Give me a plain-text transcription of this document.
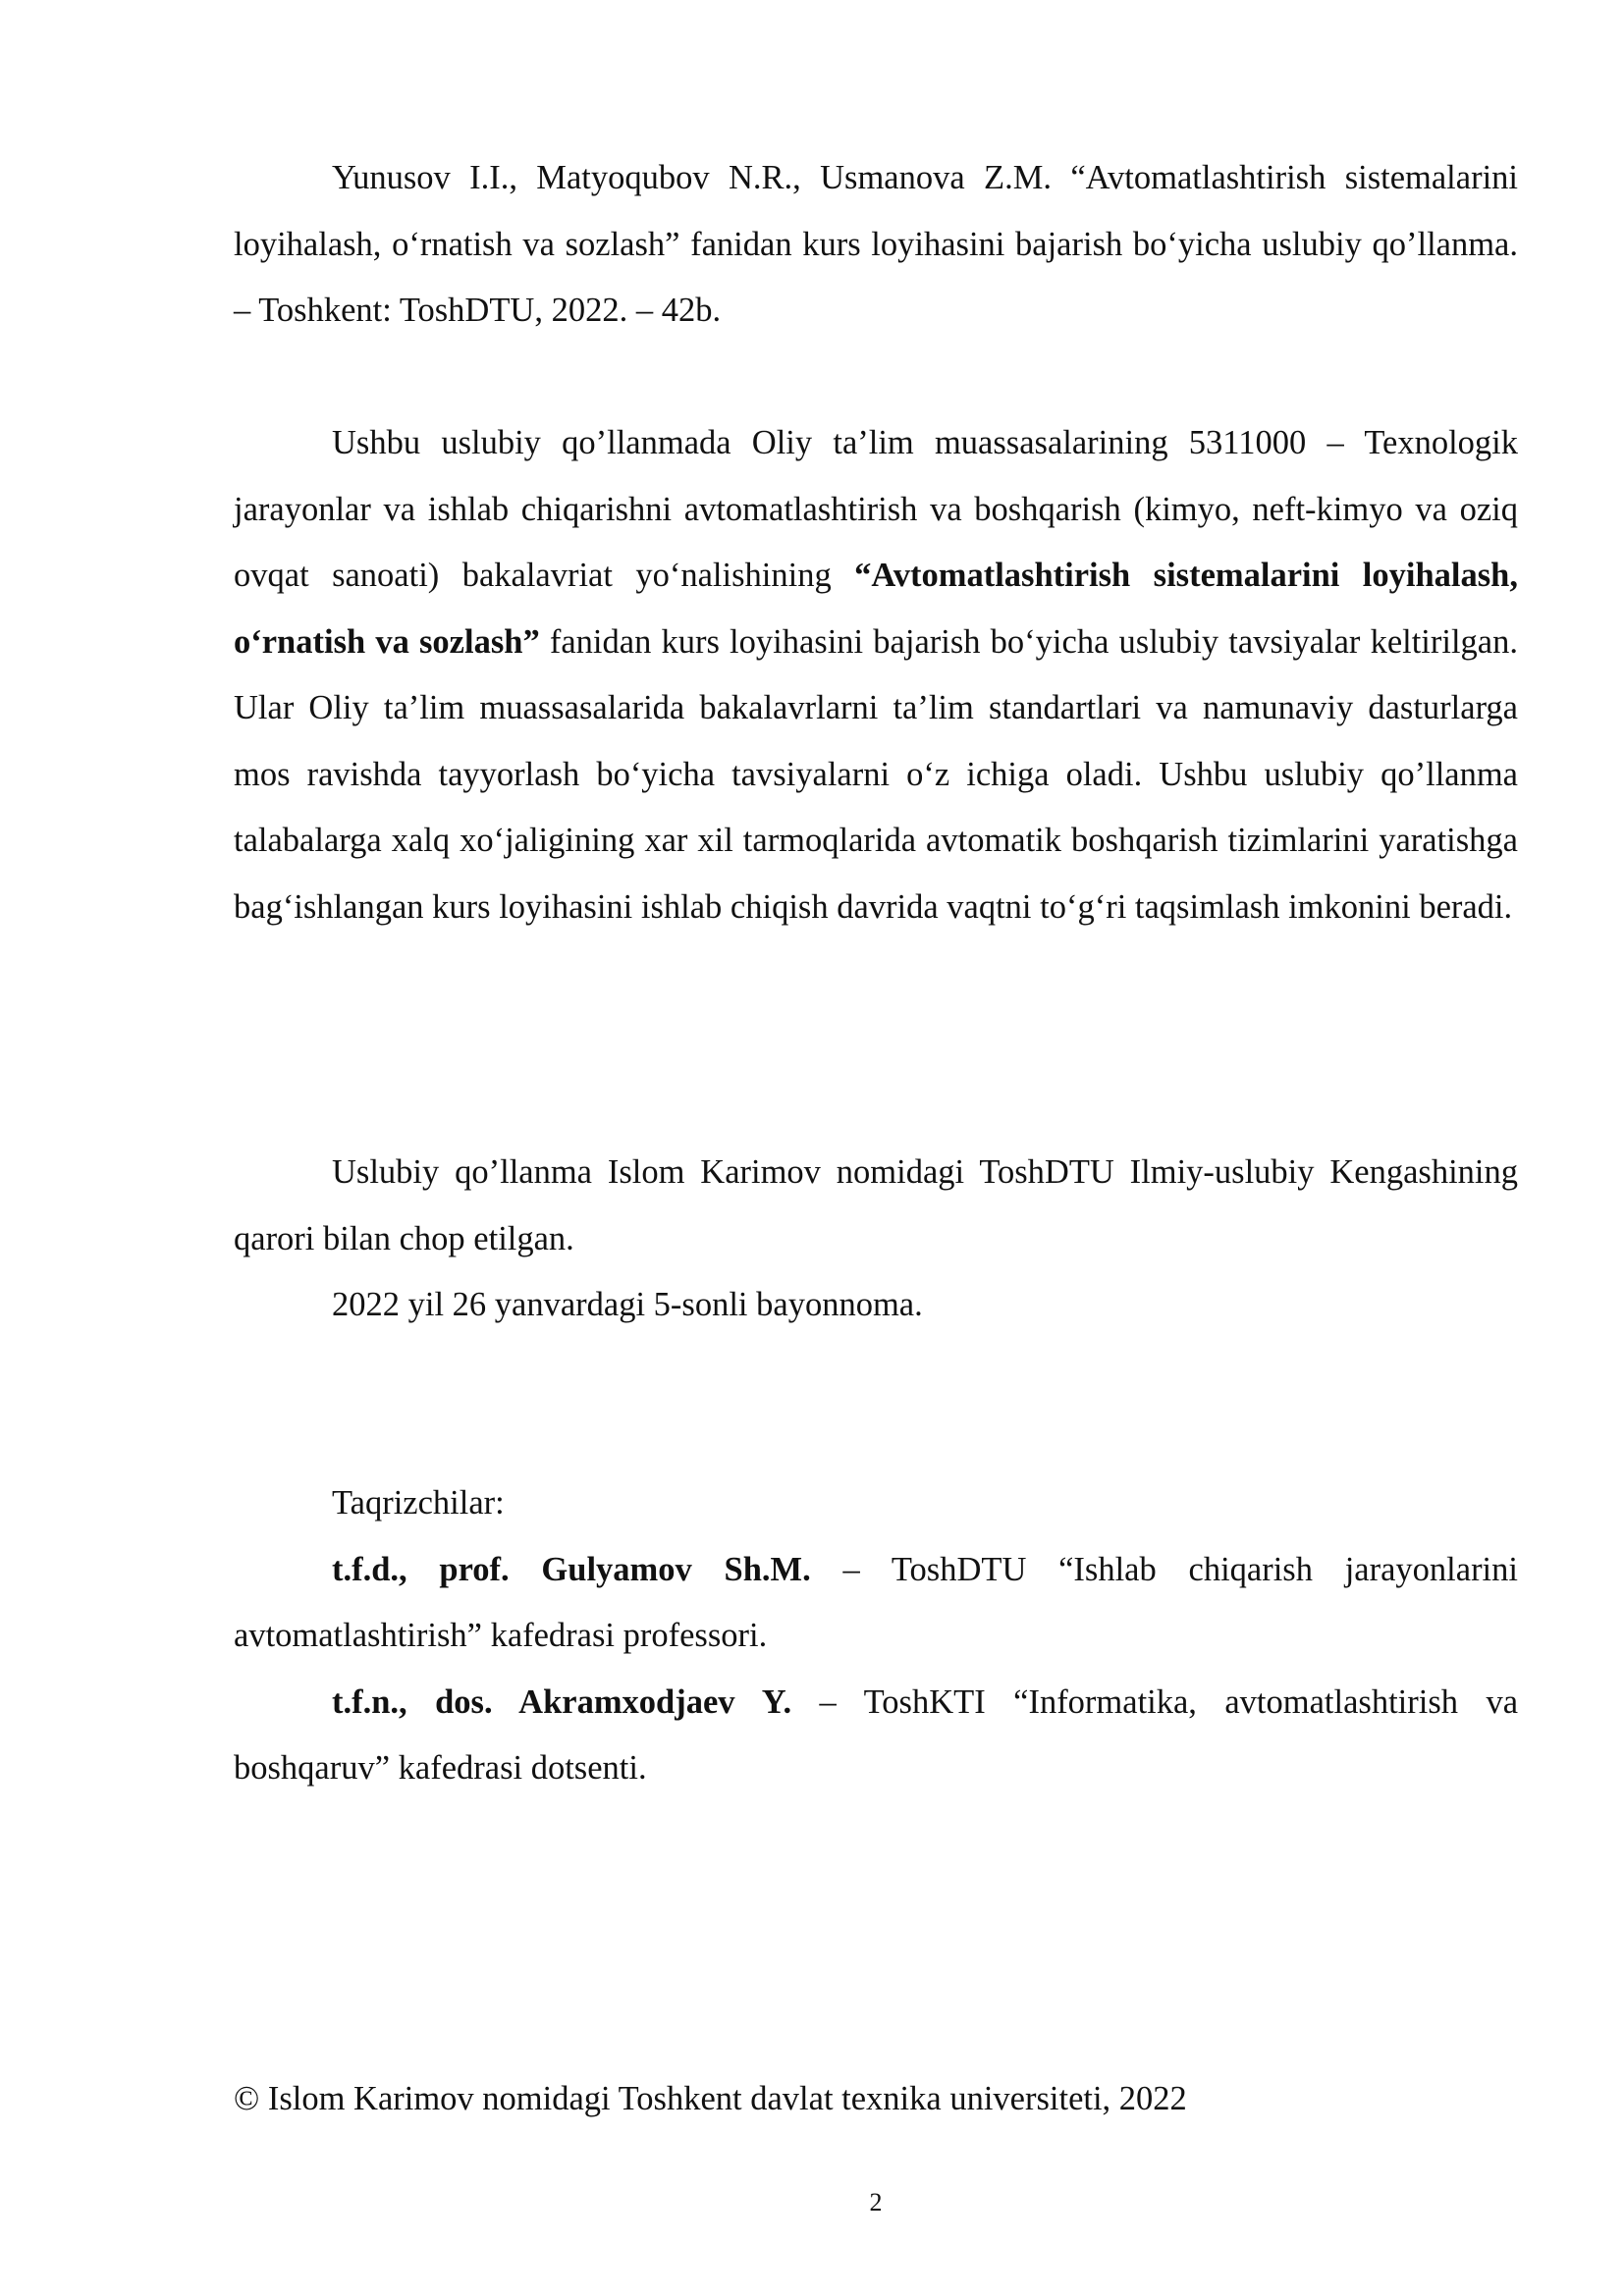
Yunusov I.I., Matyoqubov N.R., Usmanova Z.M. “Avtomatlashtirish sistemalarini loyihalash, o‘rnatish va sozlash” fanidan kurs loyihasini bajarish bo‘yicha uslubiy qo’llanma. – Toshkent: ToshDTU, 2022. – 42b.

Ushbu uslubiy qo’llanmada Oliy ta’lim muassasalarining 5311000 – Texnologik jarayonlar va ishlab chiqarishni avtomatlashtirish va boshqarish (kimyo, neft-kimyo va oziq ovqat sanoati) bakalavriat yo‘nalishining “Avtomatlashtirish sistemalarini loyihalash, o‘rnatish va sozlash” fanidan kurs loyihasini bajarish bo‘yicha uslubiy tavsiyalar keltirilgan. Ular Oliy ta’lim muassasalarida bakalavrlarni ta’lim standartlari va namunaviy dasturlarga mos ravishda tayyorlash bo‘yicha tavsiyalarni o‘z ichiga oladi. Ushbu uslubiy qo’llanma talabalarga xalq xo‘jaligining xar xil tarmoqlarida avtomatik boshqarish tizimlarini yaratishga bag‘ishlangan kurs loyihasini ishlab chiqish davrida vaqtni to‘g‘ri taqsimlash imkonini beradi.

Uslubiy qo’llanma Islom Karimov nomidagi ToshDTU Ilmiy-uslubiy Kengashining qarori bilan chop etilgan.

2022 yil 26 yanvardagi 5-sonli bayonnoma.

Taqrizchilar:

t.f.d., prof. Gulyamov Sh.M. – ToshDTU “Ishlab chiqarish jarayonlarini avtomatlashtirish” kafedrasi professori.

t.f.n., dos. Akramxodjaev Y. – ToshKTI “Informatika, avtomatlashtirish va boshqaruv” kafedrasi dotsenti.

© Islom Karimov nomidagi Toshkent davlat texnika universiteti, 2022

2
